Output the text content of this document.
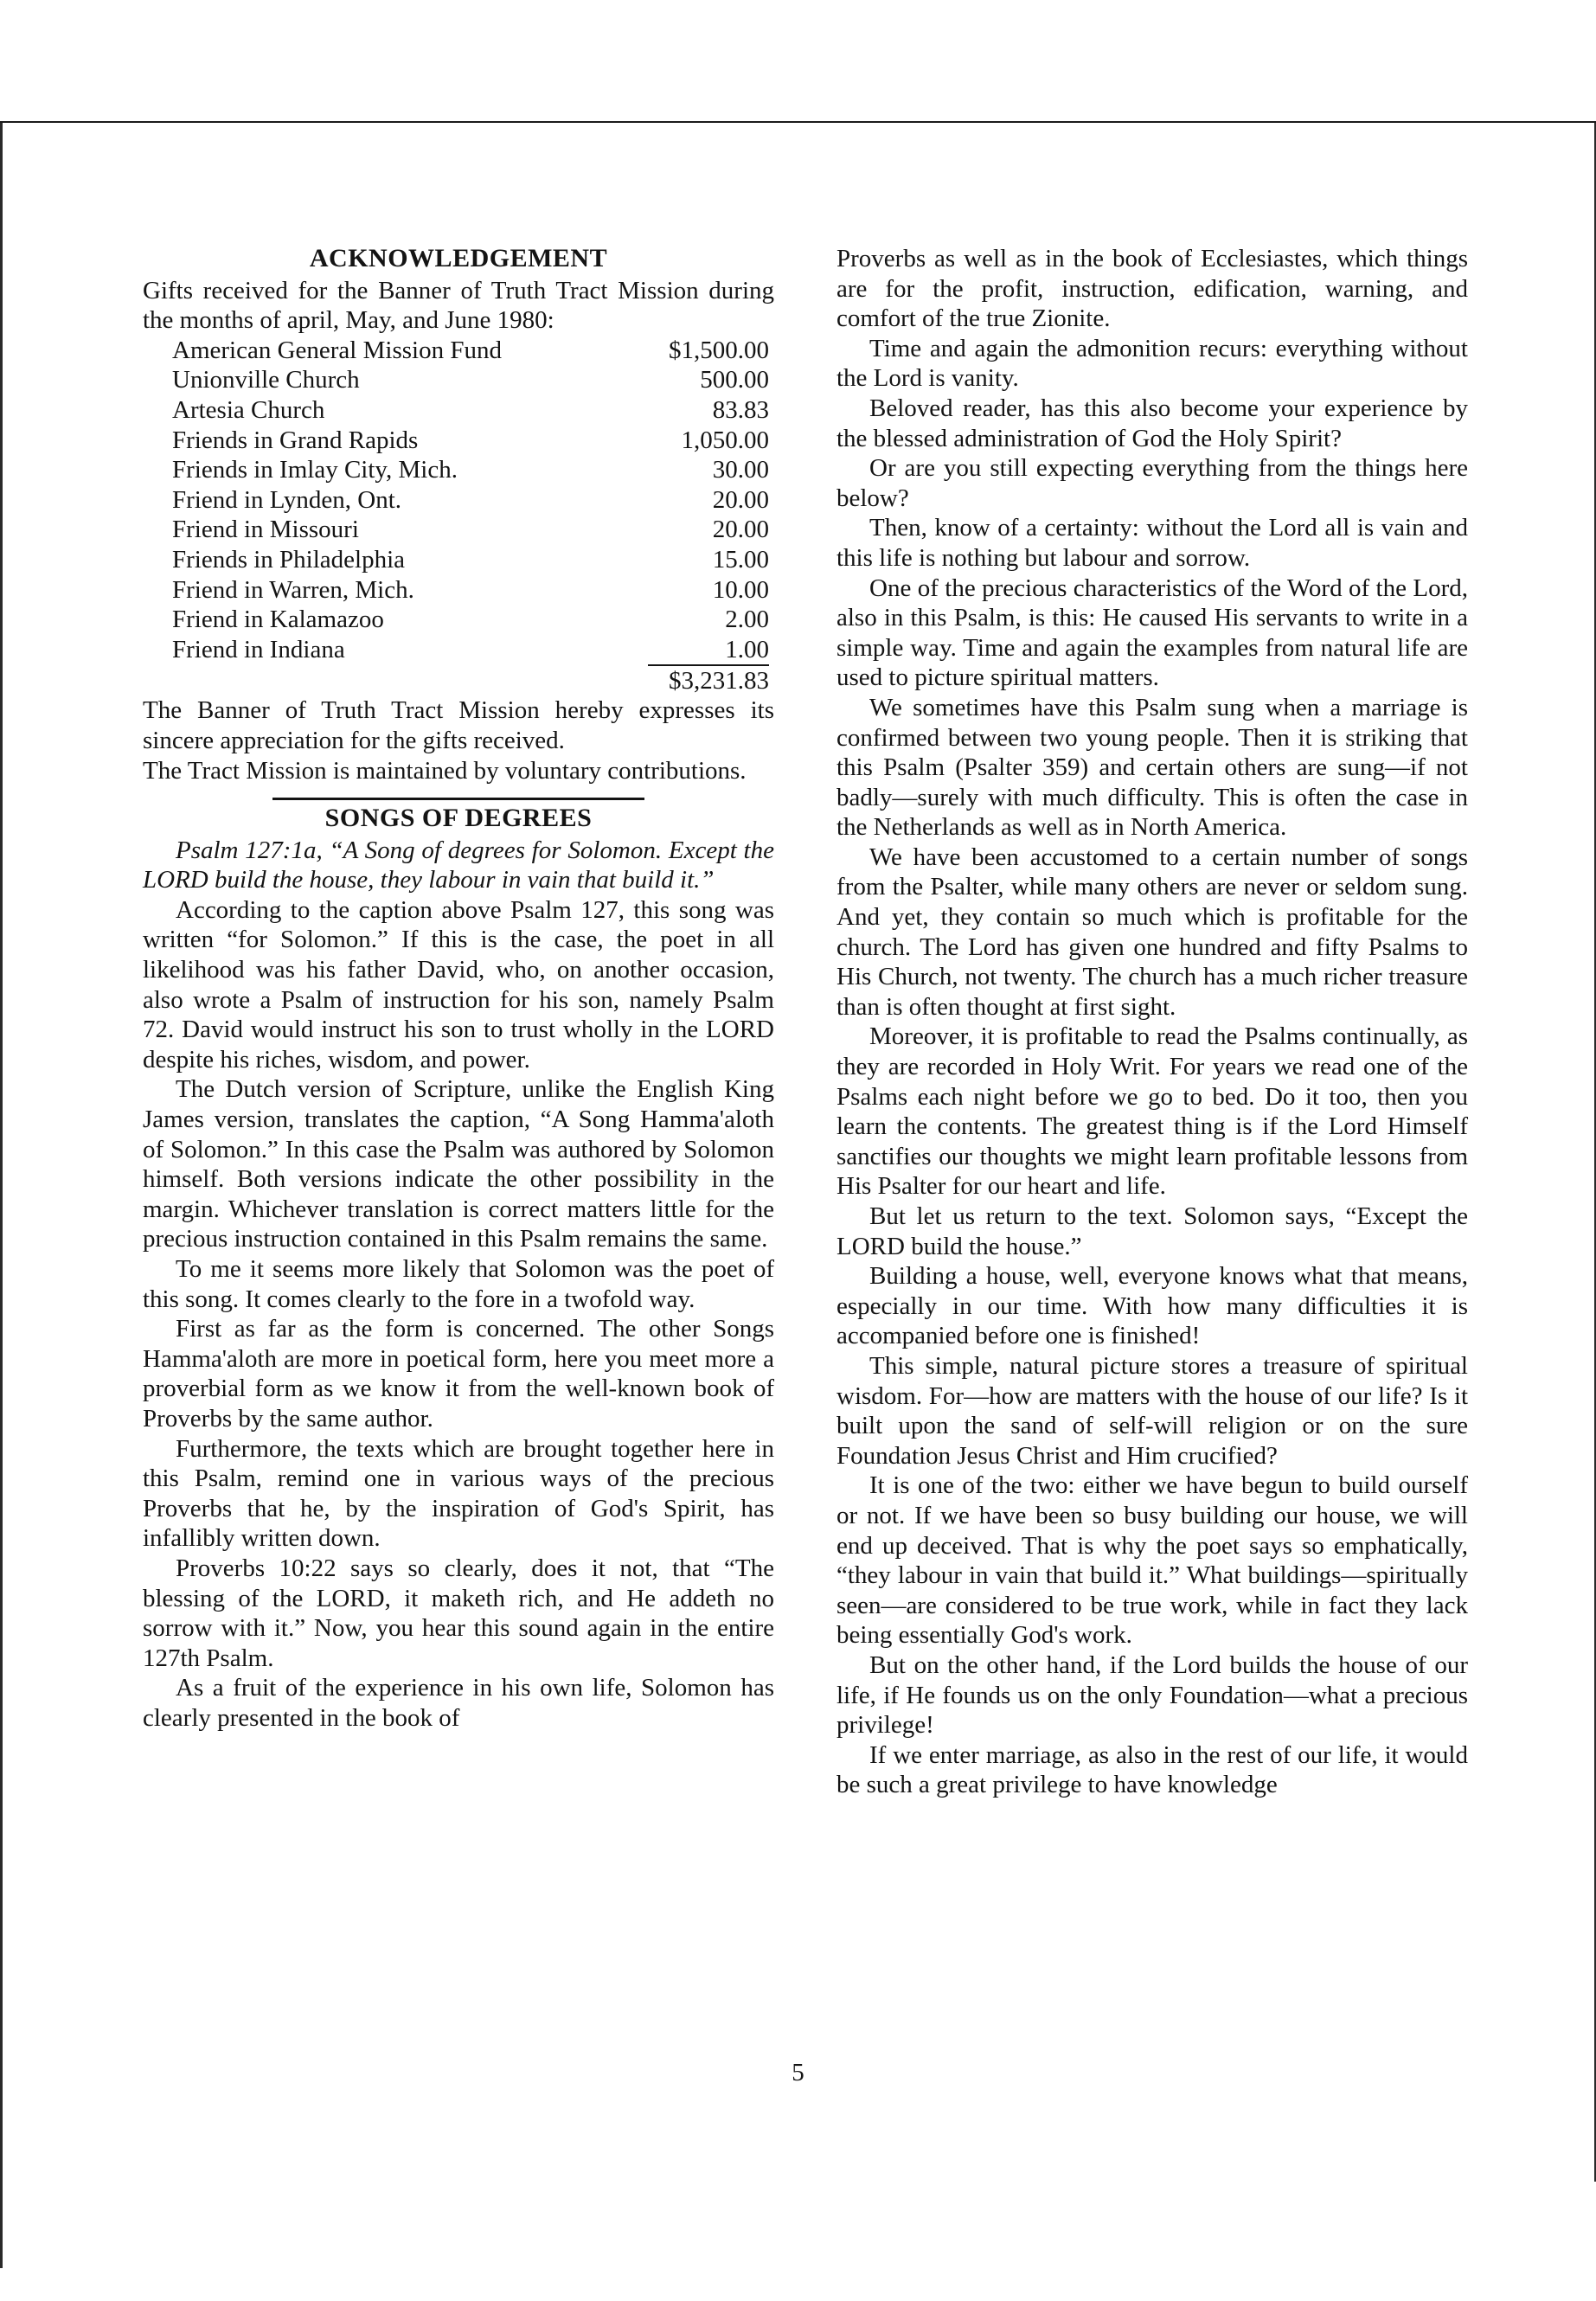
ACKNOWLEDGEMENT

Gifts received for the Banner of Truth Tract Mission during the months of april, May, and June 1980:

American General Mission Fund	$1,500.00
Unionville Church	500.00
Artesia Church	83.83
Friends in Grand Rapids	1,050.00
Friends in Imlay City, Mich.	30.00
Friend in Lynden, Ont.	20.00
Friend in Missouri	20.00
Friends in Philadelphia	15.00
Friend in Warren, Mich.	10.00
Friend in Kalamazoo	2.00
Friend in Indiana	1.00
$3,231.83

The Banner of Truth Tract Mission hereby expresses its sincere appreciation for the gifts received.

The Tract Mission is maintained by voluntary contributions.

SONGS OF DEGREES

Psalm 127:1a, “A Song of degrees for Solomon. Except the LORD build the house, they labour in vain that build it.”

According to the caption above Psalm 127, this song was written “for Solomon.” If this is the case, the poet in all likelihood was his father David, who, on another occasion, also wrote a Psalm of instruction for his son, namely Psalm 72. David would instruct his son to trust wholly in the LORD despite his riches, wisdom, and power.

The Dutch version of Scripture, unlike the English King James version, translates the caption, “A Song Hamma'aloth of Solomon.” In this case the Psalm was authored by Solomon himself. Both versions indicate the other possibility in the margin. Whichever translation is correct matters little for the precious instruction contained in this Psalm remains the same.

To me it seems more likely that Solomon was the poet of this song. It comes clearly to the fore in a twofold way.

First as far as the form is concerned. The other Songs Hamma'aloth are more in poetical form, here you meet more a proverbial form as we know it from the well-known book of Proverbs by the same author.

Furthermore, the texts which are brought together here in this Psalm, remind one in various ways of the precious Proverbs that he, by the inspiration of God's Spirit, has infallibly written down.

Proverbs 10:22 says so clearly, does it not, that “The blessing of the LORD, it maketh rich, and He addeth no sorrow with it.” Now, you hear this sound again in the entire 127th Psalm.

As a fruit of the experience in his own life, Solomon has clearly presented in the book of

Proverbs as well as in the book of Ecclesiastes, which things are for the profit, instruction, edification, warning, and comfort of the true Zionite.

Time and again the admonition recurs: everything without the Lord is vanity.

Beloved reader, has this also become your experience by the blessed administration of God the Holy Spirit?

Or are you still expecting everything from the things here below?

Then, know of a certainty: without the Lord all is vain and this life is nothing but labour and sorrow.

One of the precious characteristics of the Word of the Lord, also in this Psalm, is this: He caused His servants to write in a simple way. Time and again the examples from natural life are used to picture spiritual matters.

We sometimes have this Psalm sung when a marriage is confirmed between two young people. Then it is striking that this Psalm (Psalter 359) and certain others are sung—if not badly—surely with much difficulty. This is often the case in the Netherlands as well as in North America.

We have been accustomed to a certain number of songs from the Psalter, while many others are never or seldom sung. And yet, they contain so much which is profitable for the church. The Lord has given one hundred and fifty Psalms to His Church, not twenty. The church has a much richer treasure than is often thought at first sight.

Moreover, it is profitable to read the Psalms continually, as they are recorded in Holy Writ. For years we read one of the Psalms each night before we go to bed. Do it too, then you learn the contents. The greatest thing is if the Lord Himself sanctifies our thoughts we might learn profitable lessons from His Psalter for our heart and life.

But let us return to the text. Solomon says, “Except the LORD build the house.”

Building a house, well, everyone knows what that means, especially in our time. With how many difficulties it is accompanied before one is finished!

This simple, natural picture stores a treasure of spiritual wisdom. For—how are matters with the house of our life? Is it built upon the sand of self-will religion or on the sure Foundation Jesus Christ and Him crucified?

It is one of the two: either we have begun to build ourself or not. If we have been so busy building our house, we will end up deceived. That is why the poet says so emphatically, “they labour in vain that build it.” What buildings—spiritually seen—are considered to be true work, while in fact they lack being essentially God's work.

But on the other hand, if the Lord builds the house of our life, if He founds us on the only Foundation—what a precious privilege!

If we enter marriage, as also in the rest of our life, it would be such a great privilege to have knowledge

5
